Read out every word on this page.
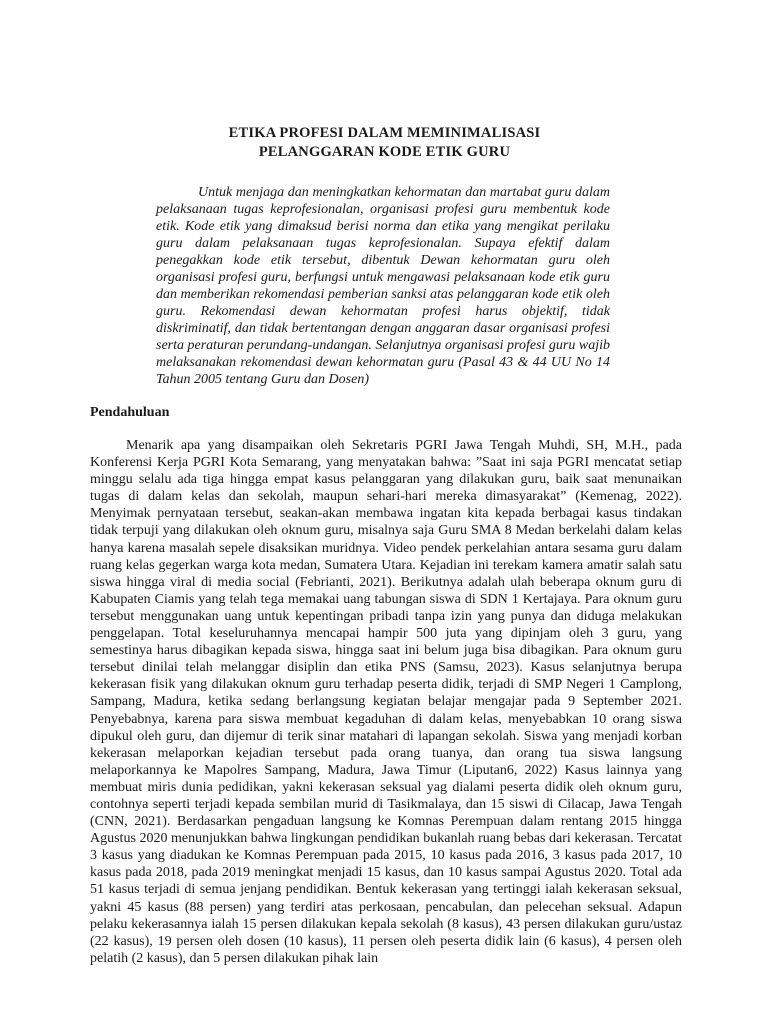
ETIKA PROFESI DALAM MEMINIMALISASI
PELANGGARAN KODE ETIK GURU

Untuk menjaga dan meningkatkan kehormatan dan martabat guru dalam pelaksanaan tugas keprofesionalan, organisasi profesi guru membentuk kode etik. Kode etik yang dimaksud berisi norma dan etika yang mengikat perilaku guru dalam pelaksanaan tugas keprofesionalan. Supaya efektif dalam penegakkan kode etik tersebut, dibentuk Dewan kehormatan guru oleh organisasi profesi guru, berfungsi untuk mengawasi pelaksanaan kode etik guru dan memberikan rekomendasi pemberian sanksi atas pelanggaran kode etik oleh guru. Rekomendasi dewan kehormatan profesi harus objektif, tidak diskriminatif, dan tidak bertentangan dengan anggaran dasar organisasi profesi serta peraturan perundang-undangan. Selanjutnya organisasi profesi guru wajib melaksanakan rekomendasi dewan kehormatan guru (Pasal 43 & 44 UU No 14 Tahun 2005 tentang Guru dan Dosen)

Pendahuluan

Menarik apa yang disampaikan oleh Sekretaris PGRI Jawa Tengah Muhdi, SH, M.H., pada Konferensi Kerja PGRI Kota Semarang, yang menyatakan bahwa: ”Saat ini saja PGRI mencatat setiap minggu selalu ada tiga hingga empat kasus pelanggaran yang dilakukan guru, baik saat menunaikan tugas di dalam kelas dan sekolah, maupun sehari-hari mereka dimasyarakat” (Kemenag, 2022). Menyimak pernyataan tersebut, seakan-akan membawa ingatan kita kepada berbagai kasus tindakan tidak terpuji yang dilakukan oleh oknum guru, misalnya saja Guru SMA 8 Medan berkelahi dalam kelas hanya karena masalah sepele disaksikan muridnya. Video pendek perkelahian antara sesama guru dalam ruang kelas gegerkan warga kota medan, Sumatera Utara. Kejadian ini terekam kamera amatir salah satu siswa hingga viral di media social (Febrianti, 2021). Berikutnya adalah ulah beberapa oknum guru di Kabupaten Ciamis yang telah tega memakai uang tabungan siswa di SDN 1 Kertajaya. Para oknum guru tersebut menggunakan uang untuk kepentingan pribadi tanpa izin yang punya dan diduga melakukan penggelapan. Total keseluruhannya mencapai hampir 500 juta yang dipinjam oleh 3 guru, yang semestinya harus dibagikan kepada siswa, hingga saat ini belum juga bisa dibagikan. Para oknum guru tersebut dinilai telah melanggar disiplin dan etika PNS (Samsu, 2023). Kasus selanjutnya berupa kekerasan fisik yang dilakukan oknum guru terhadap peserta didik, terjadi di SMP Negeri 1 Camplong, Sampang, Madura, ketika sedang berlangsung kegiatan belajar mengajar pada 9 September 2021. Penyebabnya, karena para siswa membuat kegaduhan di dalam kelas, menyebabkan 10 orang siswa dipukul oleh guru, dan dijemur di terik sinar matahari di lapangan sekolah. Siswa yang menjadi korban kekerasan melaporkan kejadian tersebut pada orang tuanya, dan orang tua siswa langsung melaporkannya ke Mapolres Sampang, Madura, Jawa Timur (Liputan6, 2022) Kasus lainnya yang membuat miris dunia pedidikan, yakni kekerasan seksual yag dialami peserta didik oleh oknum guru, contohnya seperti terjadi kepada sembilan murid di Tasikmalaya, dan 15 siswi di Cilacap, Jawa Tengah (CNN, 2021). Berdasarkan pengaduan langsung ke Komnas Perempuan dalam rentang 2015 hingga Agustus 2020 menunjukkan bahwa lingkungan pendidikan bukanlah ruang bebas dari kekerasan. Tercatat 3 kasus yang diadukan ke Komnas Perempuan pada 2015, 10 kasus pada 2016, 3 kasus pada 2017, 10 kasus pada 2018, pada 2019 meningkat menjadi 15 kasus, dan 10 kasus sampai Agustus 2020. Total ada 51 kasus terjadi di semua jenjang pendidikan. Bentuk kekerasan yang tertinggi ialah kekerasan seksual, yakni 45 kasus (88 persen) yang terdiri atas perkosaan, pencabulan, dan pelecehan seksual. Adapun pelaku kekerasannya ialah 15 persen dilakukan kepala sekolah (8 kasus), 43 persen dilakukan guru/ustaz (22 kasus), 19 persen oleh dosen (10 kasus), 11 persen oleh peserta didik lain (6 kasus), 4 persen oleh pelatih (2 kasus), dan 5 persen dilakukan pihak lain
